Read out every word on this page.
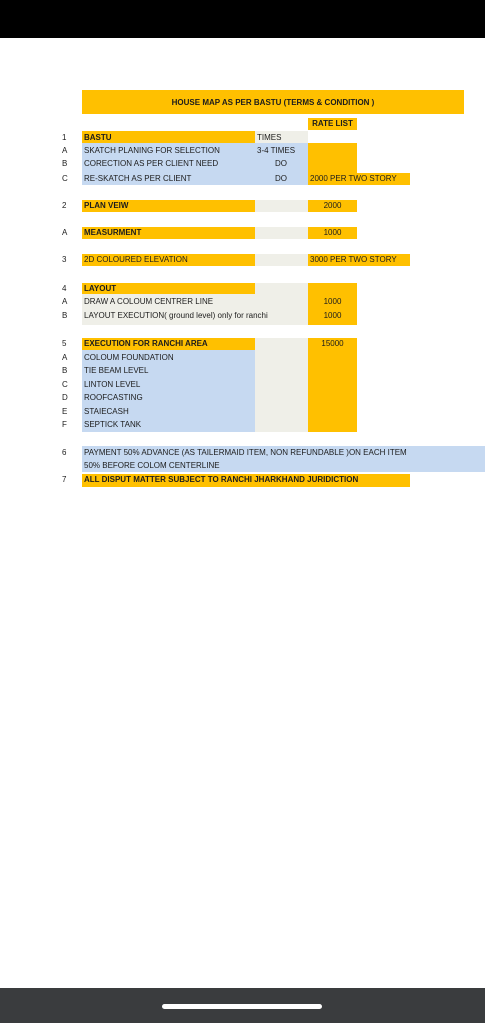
HOUSE MAP AS PER BASTU (TERMS & CONDITION )
RATE LIST
1 BASTU	TIMES
A SKATCH PLANING FOR SELECTION	3-4 TIMES
B CORECTION AS PER CLIENT NEED	DO
C RE-SKATCH AS PER CLIENT	DO	2000 PER TWO STORY
2 PLAN VEIW	2000
A MEASURMENT	1000
3 2D COLOURED ELEVATION	3000 PER TWO STORY
4 LAYOUT
A DRAW A COLOUM CENTRER LINE	1000
B LAYOUT EXECUTION( ground level) only for ranchi	1000
5 EXECUTION FOR RANCHI AREA	15000
A COLOUM FOUNDATION
B TIE BEAM LEVEL
C LINTON LEVEL
D ROOFCASTING
E STAIECASH
F SEPTICK TANK
6 PAYMENT 50% ADVANCE (AS TAILERMAID ITEM, NON REFUNDABLE )ON EACH ITEM
50% BEFORE COLOM CENTERLINE
7 ALL DISPUT MATTER SUBJECT TO RANCHI JHARKHAND JURIDICTION
